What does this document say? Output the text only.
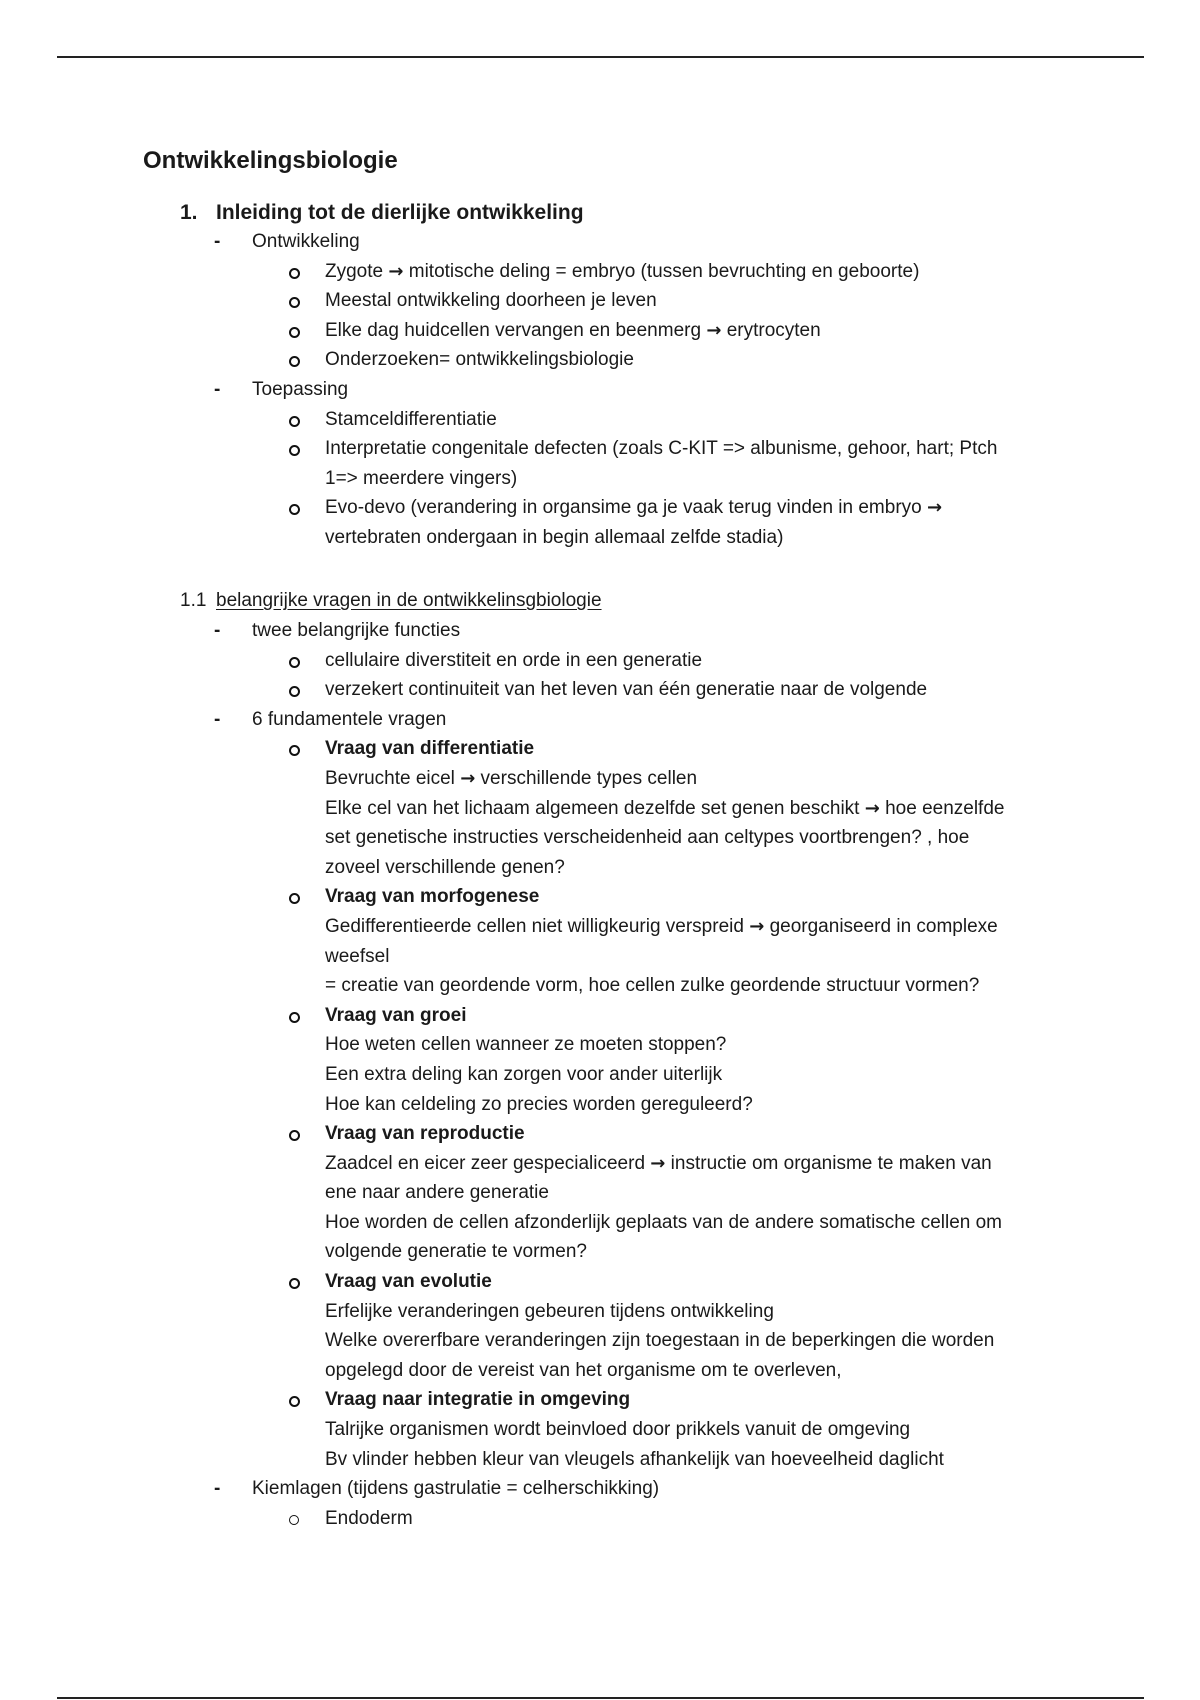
Ontwikkelingsbiologie
1. Inleiding tot de dierlijke ontwikkeling
- Ontwikkeling
Zygote → mitotische deling = embryo (tussen bevruchting en geboorte)
Meestal ontwikkeling doorheen je leven
Elke dag huidcellen vervangen en beenmerg → erytrocyten
Onderzoeken= ontwikkelingsbiologie
- Toepassing
Stamceldifferentiatie
Interpretatie congenitale defecten (zoals C-KIT => albunisme, gehoor, hart; Ptch
1=> meerdere vingers)
Evo-devo (verandering in organsime ga je vaak terug vinden in embryo →
vertebraten ondergaan in begin allemaal zelfde stadia)
1.1 belangrijke vragen in de ontwikkelinsgbiologie
- twee belangrijke functies
cellulaire diverstiteit en orde in een generatie
verzekert continuiteit van het leven van één generatie naar de volgende
- 6 fundamentele vragen
Vraag van differentiatie
Bevruchte eicel → verschillende types cellen
Elke cel van het lichaam algemeen dezelfde set genen beschikt → hoe eenzelfde
set genetische instructies verscheidenheid aan celtypes voortbrengen? , hoe
zoveel verschillende genen?
Vraag van morfogenese
Gedifferentieerde cellen niet willigkeurig verspreid → georganiseerd in complexe
weefsel
= creatie van geordende vorm, hoe cellen zulke geordende structuur vormen?
Vraag van groei
Hoe weten cellen wanneer ze moeten stoppen?
Een extra deling kan zorgen voor ander uiterlijk
Hoe kan celdeling zo precies worden gereguleerd?
Vraag van reproductie
Zaadcel en eicer zeer gespecialiceerd → instructie om organisme te maken van
ene naar andere generatie
Hoe worden de cellen afzonderlijk geplaats van de andere somatische cellen om
volgende generatie te vormen?
Vraag van evolutie
Erfelijke veranderingen gebeuren tijdens ontwikkeling
Welke overerfbare veranderingen zijn toegestaan in de beperkingen die worden
opgelegd door de vereist van het organisme om te overleven,
Vraag naar integratie in omgeving
Talrijke organismen wordt beinvloed door prikkels vanuit de omgeving
Bv vlinder hebben kleur van vleugels afhankelijk van hoeveelheid daglicht
- Kiemlagen (tijdens gastrulatie = celherschikking)
Endoderm
